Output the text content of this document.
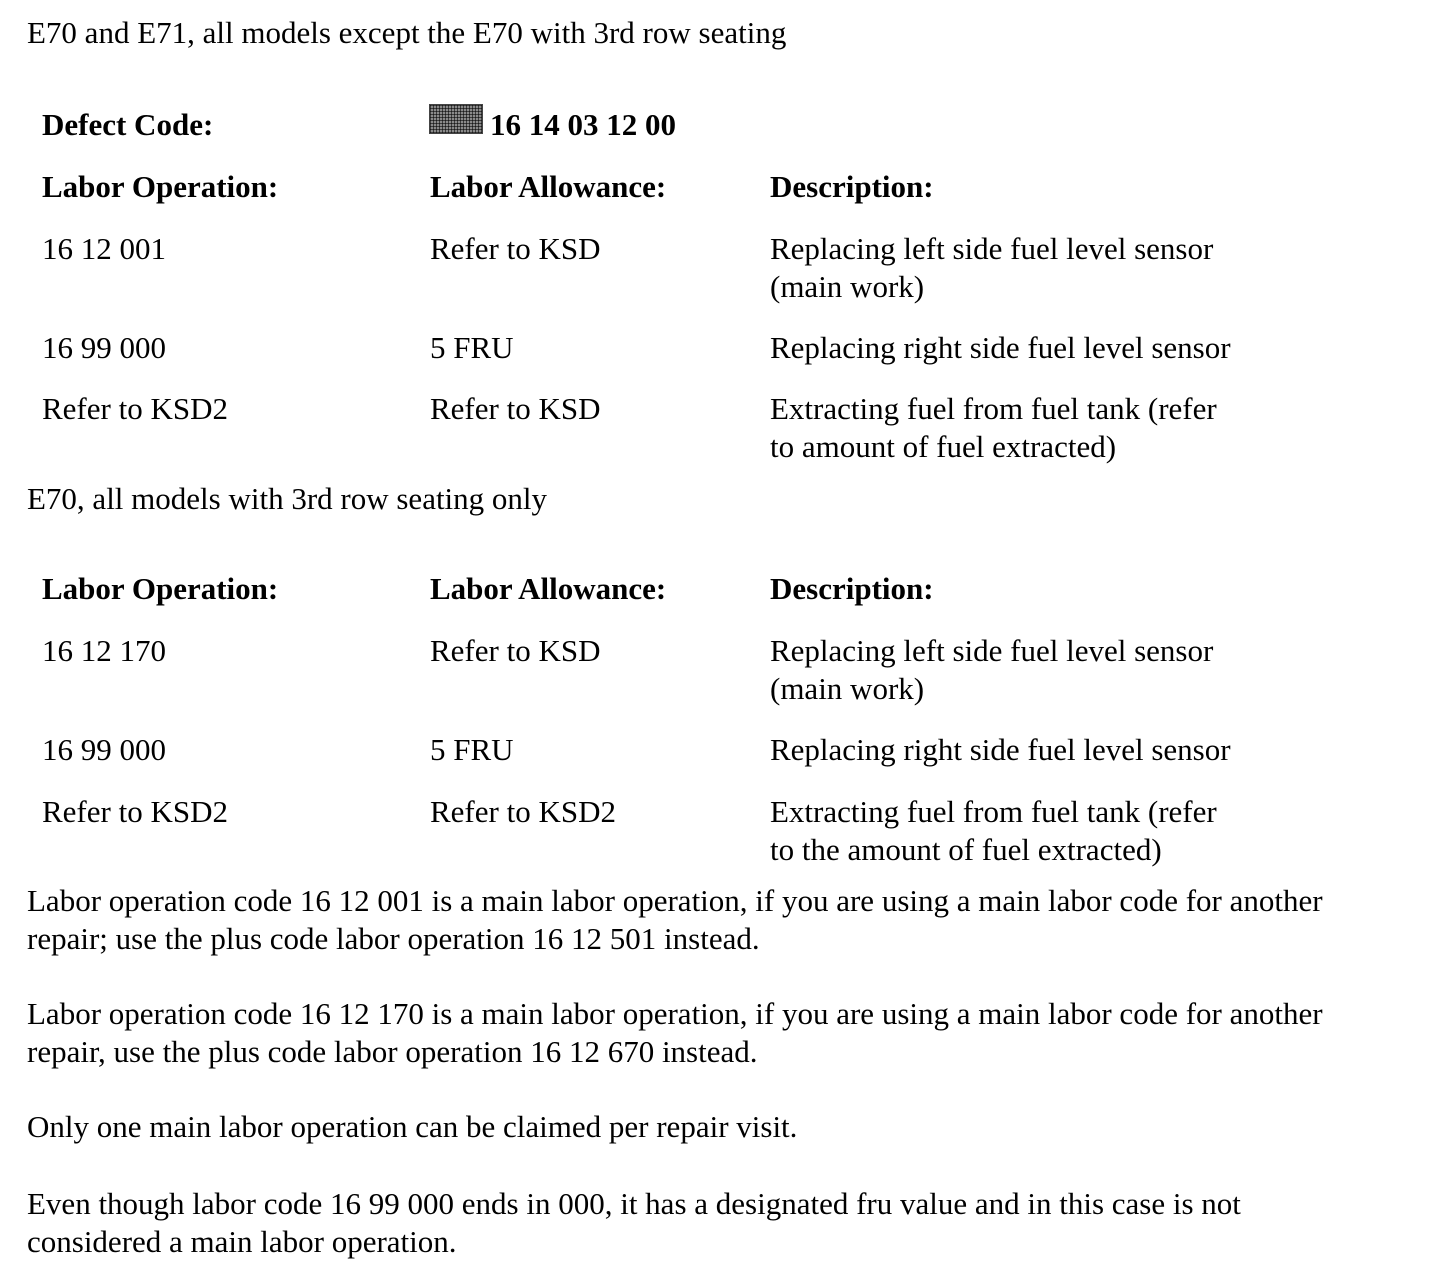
E70 and E71, all models except the E70 with 3rd row seating
Defect Code:	16 14 03 12 00
Labor Operation:	Labor Allowance:	Description:
16 12 001	Refer to KSD	Replacing left side fuel level sensor
(main work)
16 99 000	5 FRU	Replacing right side fuel level sensor
Refer to KSD2	Refer to KSD	Extracting fuel from fuel tank (refer
to amount of fuel extracted)
E70, all models with 3rd row seating only
Labor Operation:	Labor Allowance:	Description:
16 12 170	Refer to KSD	Replacing left side fuel level sensor
(main work)
16 99 000	5 FRU	Replacing right side fuel level sensor
Refer to KSD2	Refer to KSD2	Extracting fuel from fuel tank (refer
to the amount of fuel extracted)
Labor operation code 16 12 001 is a main labor operation, if you are using a main labor code for another
repair; use the plus code labor operation 16 12 501 instead.
Labor operation code 16 12 170 is a main labor operation, if you are using a main labor code for another
repair, use the plus code labor operation 16 12 670 instead.
Only one main labor operation can be claimed per repair visit.
Even though labor code 16 99 000 ends in 000, it has a designated fru value and in this case is not
considered a main labor operation.
